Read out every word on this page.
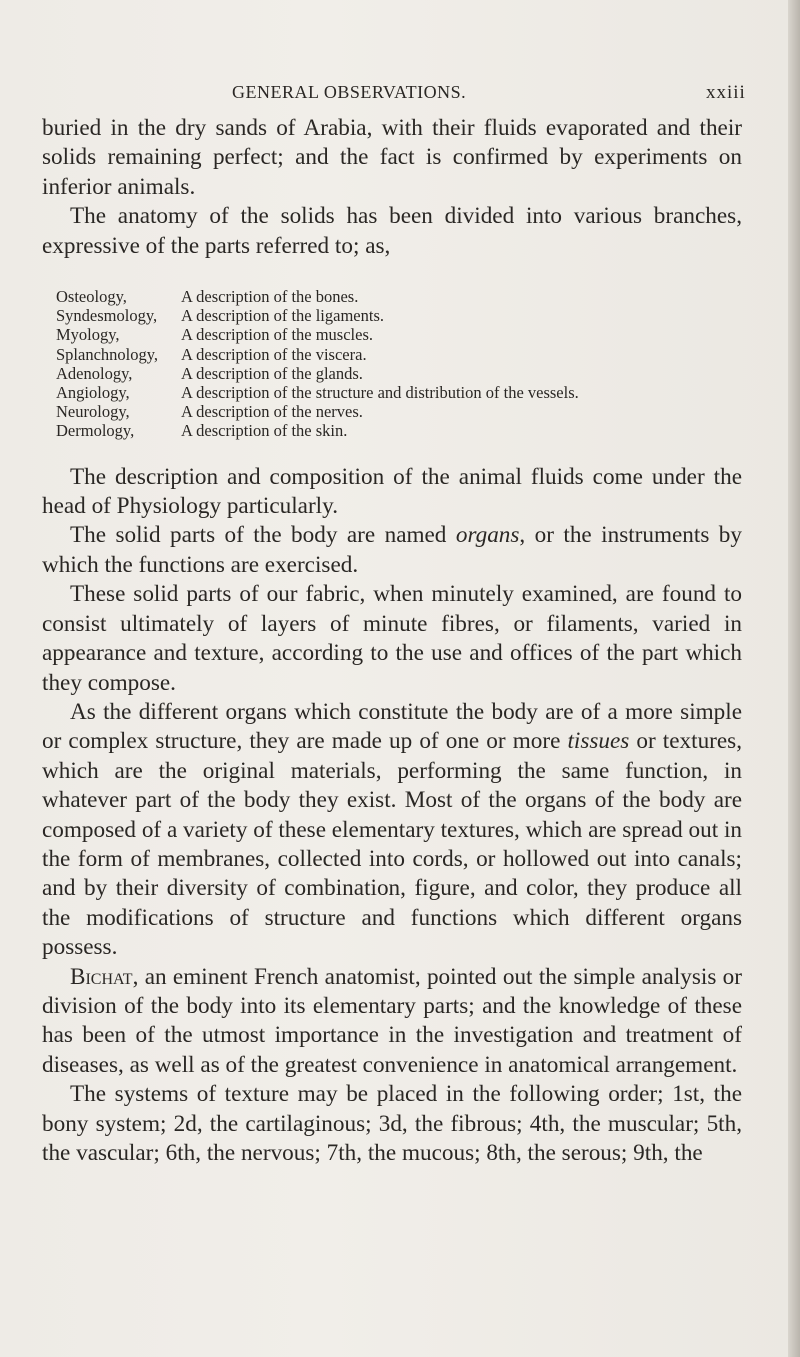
GENERAL OBSERVATIONS.	xxiii

buried in the dry sands of Arabia, with their fluids evaporated and their solids remaining perfect; and the fact is confirmed by experiments on inferior animals.

The anatomy of the solids has been divided into various branches, expressive of the parts referred to; as,

Osteology,	A description of the bones.
Syndesmology,	A description of the ligaments.
Myology,	A description of the muscles.
Splanchnology,	A description of the viscera.
Adenology,	A description of the glands.
Angiology,	A description of the structure and distribution of the vessels.
Neurology,	A description of the nerves.
Dermology,	A description of the skin.

The description and composition of the animal fluids come under the head of Physiology particularly.

The solid parts of the body are named organs, or the instruments by which the functions are exercised.

These solid parts of our fabric, when minutely examined, are found to consist ultimately of layers of minute fibres, or filaments, varied in appearance and texture, according to the use and offices of the part which they compose.

As the different organs which constitute the body are of a more simple or complex structure, they are made up of one or more tissues or textures, which are the original materials, performing the same function, in whatever part of the body they exist. Most of the organs of the body are composed of a variety of these elementary textures, which are spread out in the form of membranes, collected into cords, or hollowed out into canals; and by their diversity of combination, figure, and color, they produce all the modifications of structure and functions which different organs possess.

Bichat, an eminent French anatomist, pointed out the simple analysis or division of the body into its elementary parts; and the knowledge of these has been of the utmost importance in the investigation and treatment of diseases, as well as of the greatest convenience in anatomical arrangement.

The systems of texture may be placed in the following order; 1st, the bony system; 2d, the cartilaginous; 3d, the fibrous; 4th, the muscular; 5th, the vascular; 6th, the nervous; 7th, the mucous; 8th, the serous; 9th, the
